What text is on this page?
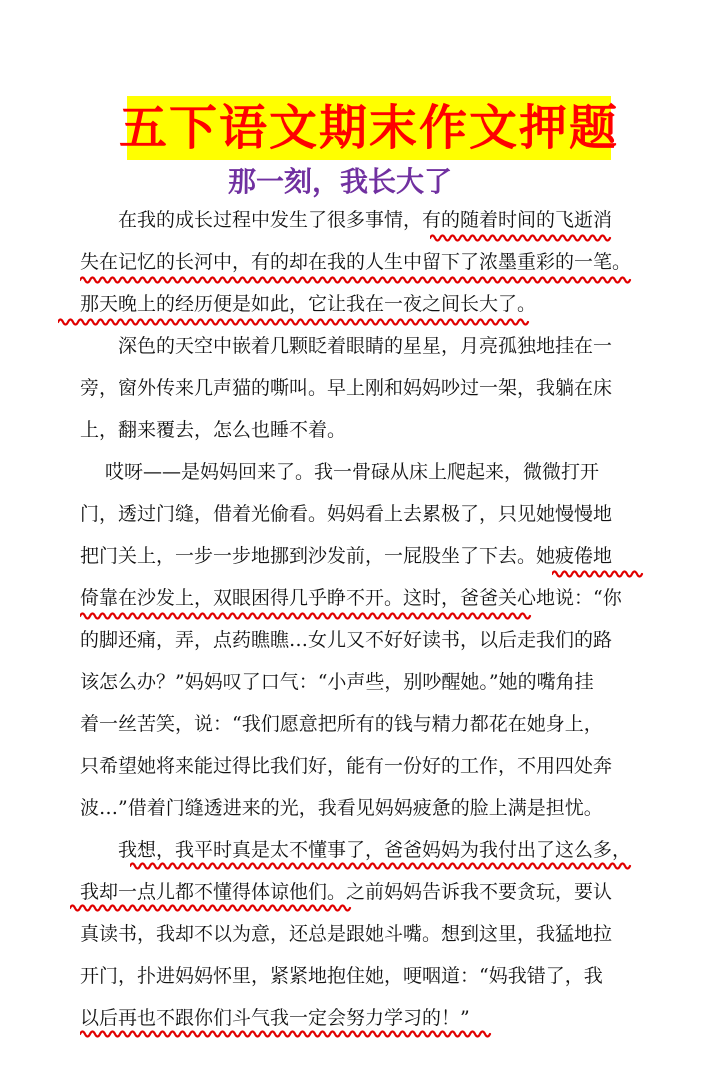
五下语文期末作文押题
那一刻，我长大了
　　在我的成长过程中发生了很多事情，有的随着时间的飞逝消
失在记忆的长河中，有的却在我的人生中留下了浓墨重彩的一笔。
那天晚上的经历便是如此，它让我在一夜之间长大了。
　　深色的天空中嵌着几颗眨着眼睛的星星，月亮孤独地挂在一
旁，窗外传来几声猫的嘶叫。早上刚和妈妈吵过一架，我躺在床
上，翻来覆去，怎么也睡不着。
　 哎呀——是妈妈回来了。我一骨碌从床上爬起来，微微打开
门，透过门缝，借着光偷看。妈妈看上去累极了，只见她慢慢地
把门关上，一步一步地挪到沙发前，一屁股坐了下去。她疲倦地
倚靠在沙发上，双眼困得几乎睁不开。这时，爸爸关心地说：“你
的脚还痛，弄，点药瞧瞧…女儿又不好好读书，以后走我们的路
该怎么办？”妈妈叹了口气：“小声些，别吵醒她。”她的嘴角挂
着一丝苦笑，说：“我们愿意把所有的钱与精力都花在她身上，
只希望她将来能过得比我们好，能有一份好的工作，不用四处奔
波…”借着门缝透进来的光，我看见妈妈疲惫的脸上满是担忧。
　　我想，我平时真是太不懂事了，爸爸妈妈为我付出了这么多，
我却一点儿都不懂得体谅他们。之前妈妈告诉我不要贪玩，要认
真读书，我却不以为意，还总是跟她斗嘴。想到这里，我猛地拉
开门，扑进妈妈怀里，紧紧地抱住她，哽咽道：“妈我错了，我
以后再也不跟你们斗气我一定会努力学习的！”
